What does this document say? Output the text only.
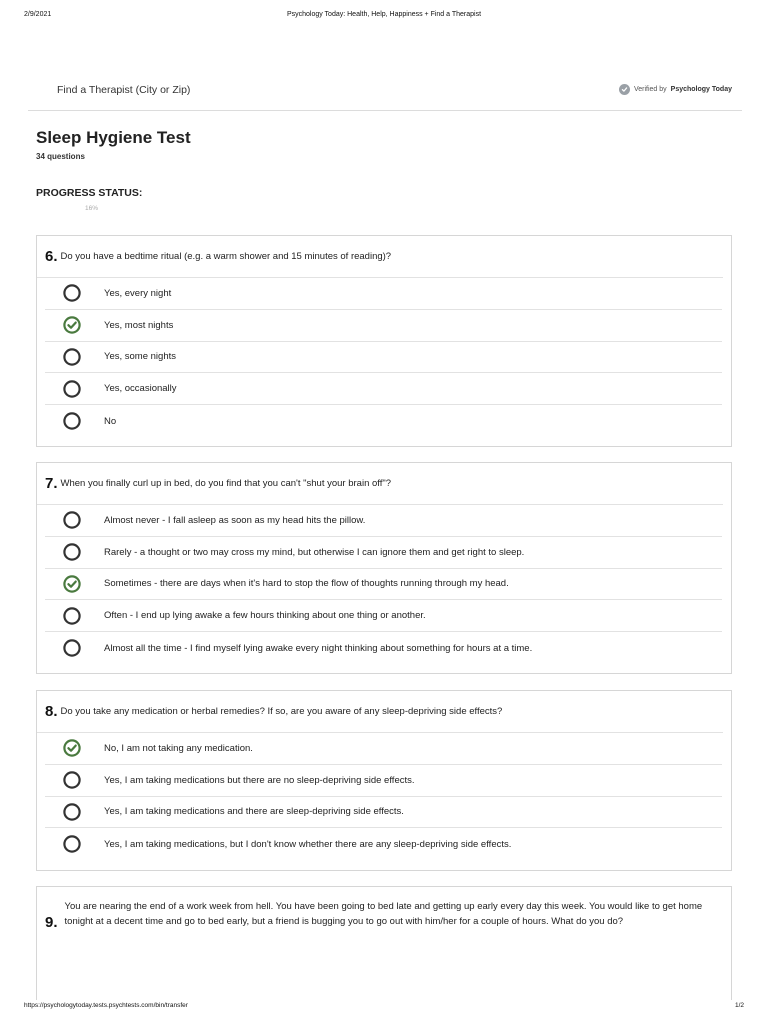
2/9/2021	Psychology Today: Health, Help, Happiness + Find a Therapist
Find a Therapist (City or Zip)	Verified by Psychology Today
Sleep Hygiene Test
34 questions
PROGRESS STATUS:
16%
6. Do you have a bedtime ritual (e.g. a warm shower and 15 minutes of reading)?
Yes, every night
Yes, most nights
Yes, some nights
Yes, occasionally
No
7. When you finally curl up in bed, do you find that you can't "shut your brain off"?
Almost never - I fall asleep as soon as my head hits the pillow.
Rarely - a thought or two may cross my mind, but otherwise I can ignore them and get right to sleep.
Sometimes - there are days when it's hard to stop the flow of thoughts running through my head.
Often - I end up lying awake a few hours thinking about one thing or another.
Almost all the time - I find myself lying awake every night thinking about something for hours at a time.
8. Do you take any medication or herbal remedies? If so, are you aware of any sleep-depriving side effects?
No, I am not taking any medication.
Yes, I am taking medications but there are no sleep-depriving side effects.
Yes, I am taking medications and there are sleep-depriving side effects.
Yes, I am taking medications, but I don't know whether there are any sleep-depriving side effects.
9.
You are nearing the end of a work week from hell. You have been going to bed late and getting up early every day this week. You would like to get home tonight at a decent time and go to bed early, but a friend is bugging you to go out with him/her for a couple of hours. What do you do?
https://psychologytoday.tests.psychtests.com/bin/transfer	1/2
